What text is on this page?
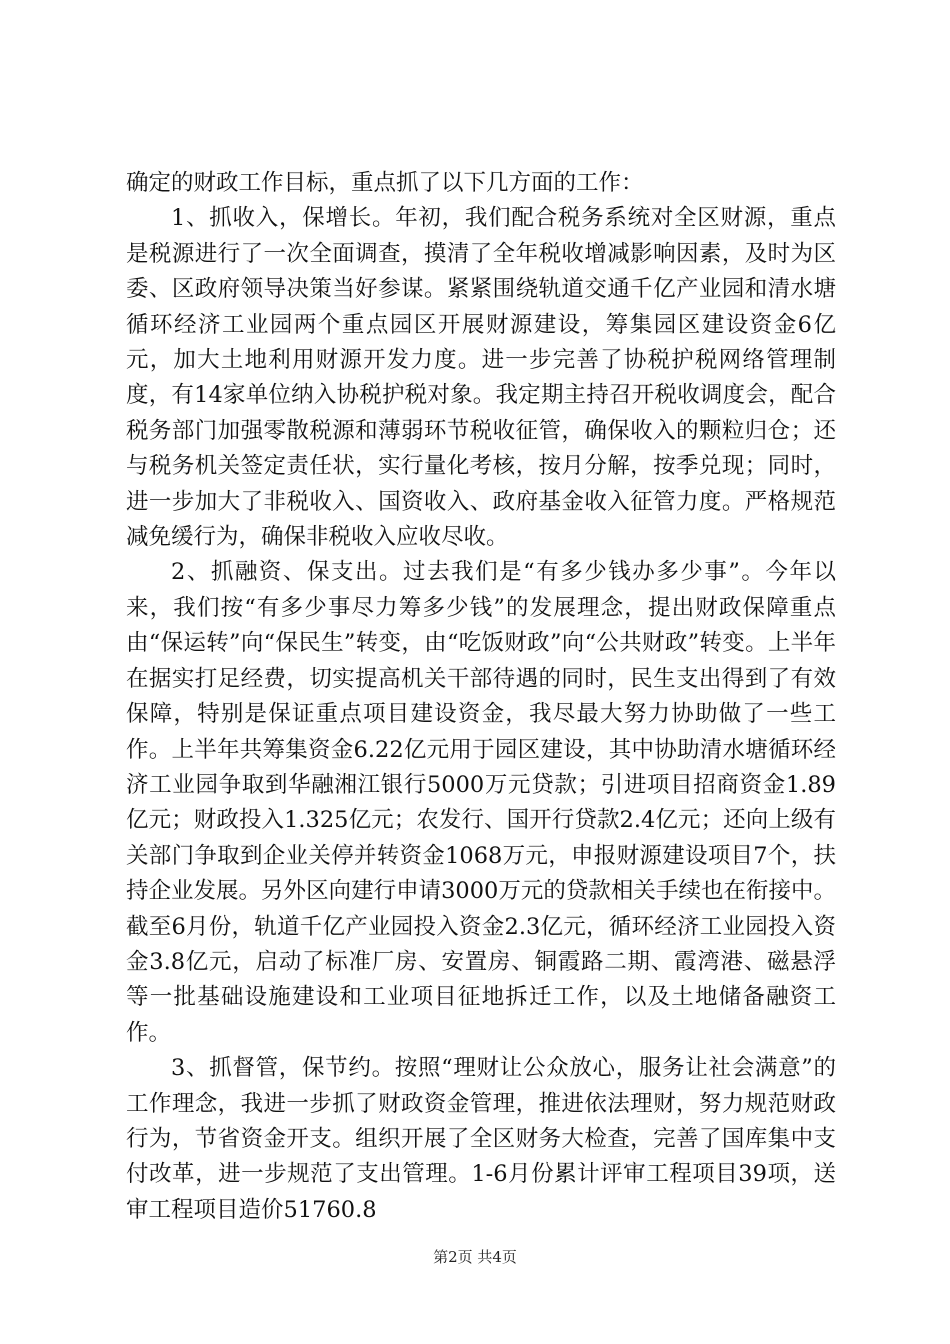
确定的财政工作目标，重点抓了以下几方面的工作：

1、抓收入，保增长。年初，我们配合税务系统对全区财源，重点是税源进行了一次全面调查，摸清了全年税收增减影响因素，及时为区委、区政府领导决策当好参谋。紧紧围绕轨道交通千亿产业园和清水塘循环经济工业园两个重点园区开展财源建设，筹集园区建设资金6亿元，加大土地利用财源开发力度。进一步完善了协税护税网络管理制度，有14家单位纳入协税护税对象。我定期主持召开税收调度会，配合税务部门加强零散税源和薄弱环节税收征管，确保收入的颗粒归仓；还与税务机关签定责任状，实行量化考核，按月分解，按季兑现；同时，进一步加大了非税收入、国资收入、政府基金收入征管力度。严格规范减免缓行为，确保非税收入应收尽收。

2、抓融资、保支出。过去我们是“有多少钱办多少事”。今年以来，我们按“有多少事尽力筹多少钱”的发展理念，提出财政保障重点由“保运转”向“保民生”转变，由“吃饭财政”向“公共财政”转变。上半年在据实打足经费，切实提高机关干部待遇的同时，民生支出得到了有效保障，特别是保证重点项目建设资金，我尽最大努力协助做了一些工作。上半年共筹集资金6.22亿元用于园区建设，其中协助清水塘循环经济工业园争取到华融湘江银行5000万元贷款；引进项目招商资金1.89亿元；财政投入1.325亿元；农发行、国开行贷款2.4亿元；还向上级有关部门争取到企业关停并转资金1068万元，申报财源建设项目7个，扶持企业发展。另外区向建行申请3000万元的贷款相关手续也在衔接中。截至6月份，轨道千亿产业园投入资金2.3亿元，循环经济工业园投入资金3.8亿元，启动了标准厂房、安置房、铜霞路二期、霞湾港、磁悬浮等一批基础设施建设和工业项目征地拆迁工作，以及土地储备融资工作。

3、抓督管，保节约。按照“理财让公众放心，服务让社会满意”的工作理念，我进一步抓了财政资金管理，推进依法理财，努力规范财政行为，节省资金开支。组织开展了全区财务大检查，完善了国库集中支付改革，进一步规范了支出管理。1-6月份累计评审工程项目39项，送审工程项目造价51760.8

第2页 共4页
